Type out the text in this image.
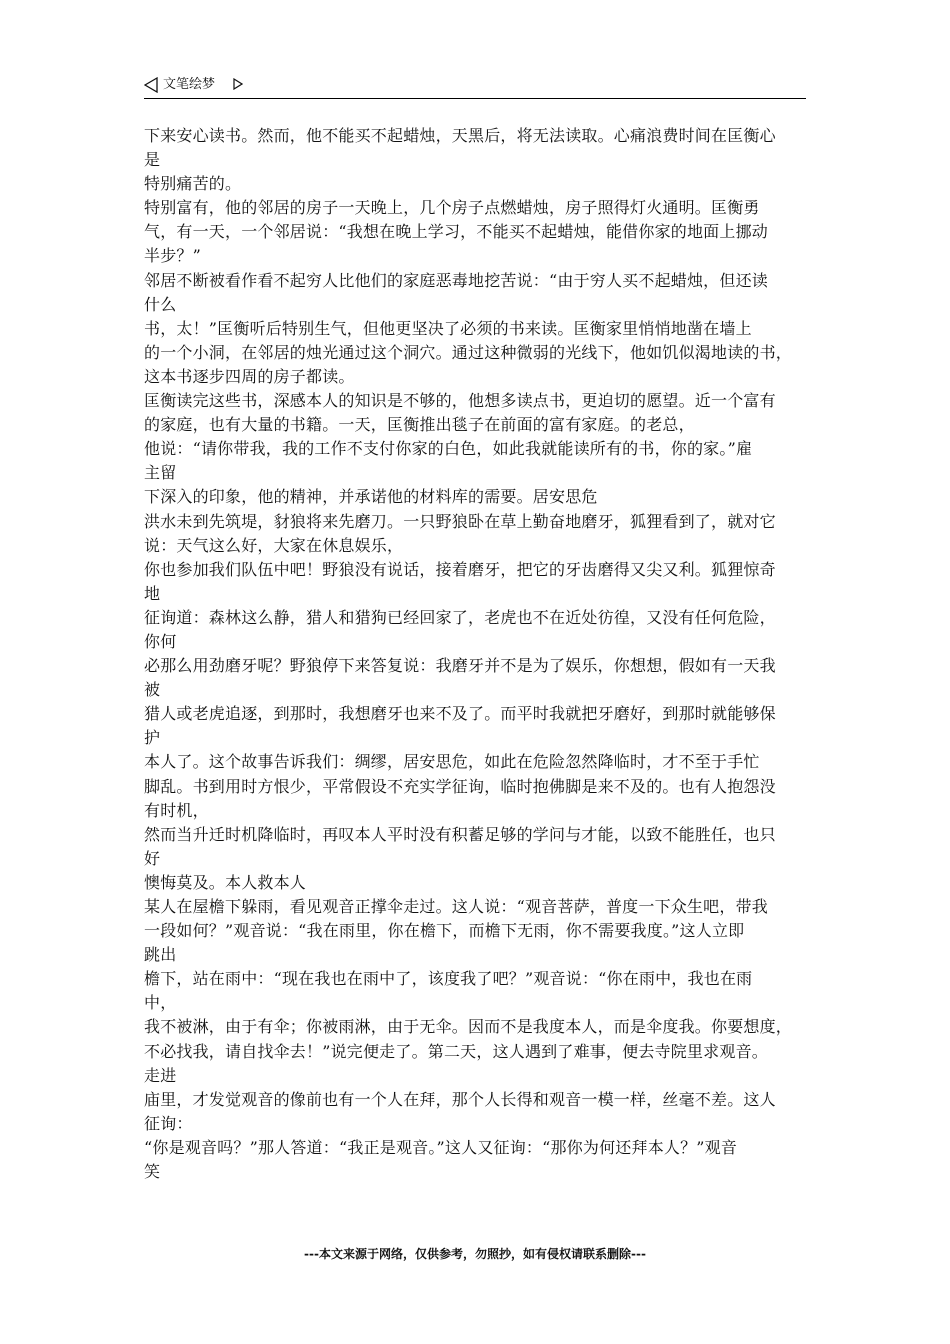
文笔绘梦
下来安心读书。然而，他不能买不起蜡烛，天黑后，将无法读取。心痛浪费时间在匡衡心
是
特别痛苦的。
特别富有，他的邻居的房子一天晚上，几个房子点燃蜡烛，房子照得灯火通明。匡衡勇
气，有一天，一个邻居说：“我想在晚上学习，不能买不起蜡烛，能借你家的地面上挪动
半步？”
邻居不断被看作看不起穷人比他们的家庭恶毒地挖苦说：“由于穷人买不起蜡烛，但还读
什么
书，太！”匡衡听后特别生气，但他更坚决了必须的书来读。匡衡家里悄悄地凿在墙上
的一个小洞，在邻居的烛光通过这个洞穴。通过这种微弱的光线下，他如饥似渴地读的书，
这本书逐步四周的房子都读。
匡衡读完这些书，深感本人的知识是不够的，他想多读点书，更迫切的愿望。近一个富有
的家庭，也有大量的书籍。一天，匡衡推出毯子在前面的富有家庭。的老总，
他说：“请你带我，我的工作不支付你家的白色，如此我就能读所有的书，你的家。”雇
主留
下深入的印象，他的精神，并承诺他的材料库的需要。居安思危
洪水未到先筑堤，豺狼将来先磨刀。一只野狼卧在草上勤奋地磨牙，狐狸看到了，就对它
说：天气这么好，大家在休息娱乐，
你也参加我们队伍中吧！野狼没有说话，接着磨牙，把它的牙齿磨得又尖又利。狐狸惊奇
地
征询道：森林这么静，猎人和猎狗已经回家了，老虎也不在近处彷徨，又没有任何危险，
你何
必那么用劲磨牙呢？野狼停下来答复说：我磨牙并不是为了娱乐，你想想，假如有一天我
被
猎人或老虎追逐，到那时，我想磨牙也来不及了。而平时我就把牙磨好，到那时就能够保
护
本人了。这个故事告诉我们：绸缪，居安思危，如此在危险忽然降临时，才不至于手忙
脚乱。书到用时方恨少，平常假设不充实学征询，临时抱佛脚是来不及的。也有人抱怨没
有时机，
然而当升迁时机降临时，再叹本人平时没有积蓄足够的学问与才能，以致不能胜任，也只
好
懊悔莫及。本人救本人
某人在屋檐下躲雨，看见观音正撑伞走过。这人说：“观音菩萨，普度一下众生吧，带我
一段如何？”观音说：“我在雨里，你在檐下，而檐下无雨，你不需要我度。”这人立即
跳出
檐下，站在雨中：“现在我也在雨中了，该度我了吧？”观音说：“你在雨中，我也在雨
中，
我不被淋，由于有伞；你被雨淋，由于无伞。因而不是我度本人，而是伞度我。你要想度，
不必找我，请自找伞去！”说完便走了。第二天，这人遇到了难事，便去寺院里求观音。
走进
庙里，才发觉观音的像前也有一个人在拜，那个人长得和观音一模一样，丝毫不差。这人
征询：
“你是观音吗？”那人答道：“我正是观音。”这人又征询：“那你为何还拜本人？”观音
笑
---本文来源于网络，仅供参考，勿照抄，如有侵权请联系删除---
